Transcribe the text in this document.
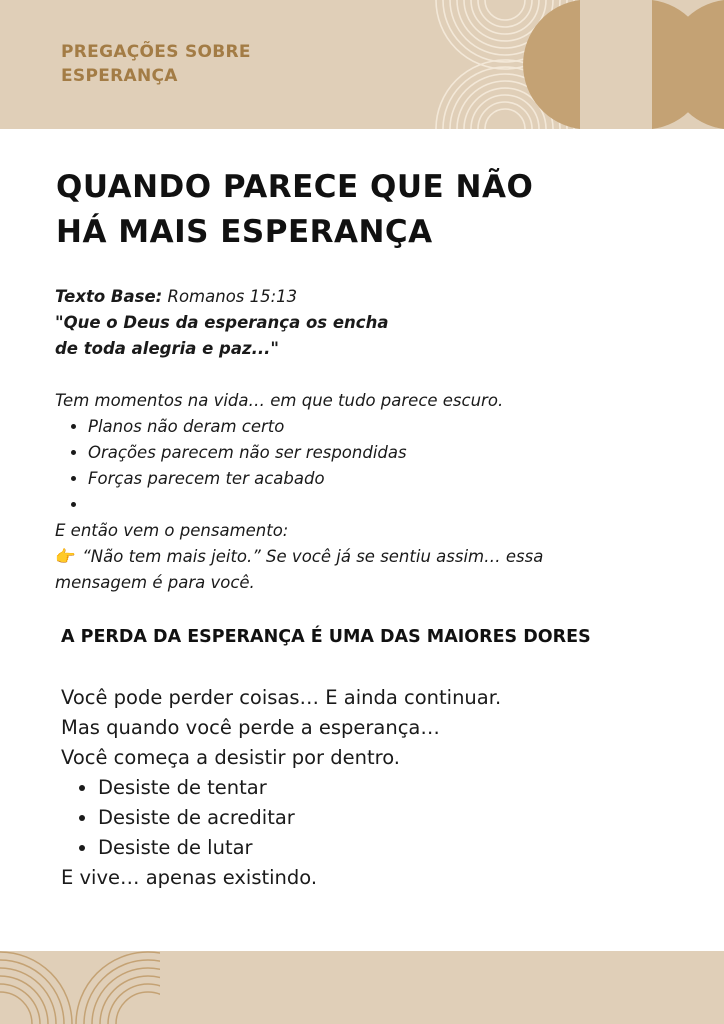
PREGAÇÕES SOBRE
ESPERANÇA
QUANDO PARECE QUE NÃO
HÁ MAIS ESPERANÇA

Texto Base: Romanos 15:13

"Que o Deus da esperança os encha

de toda alegria e paz..."

Tem momentos na vida… em que tudo parece escuro.

• Planos não deram certo
• Orações parecem não ser respondidas
• Forças parecem ter acabado
•

E então vem o pensamento:

👉 “Não tem mais jeito.” Se você já se sentiu assim… essa

mensagem é para você.

A PERDA DA ESPERANÇA É UMA DAS MAIORES DORES

Você pode perder coisas… E ainda continuar.

Mas quando você perde a esperança…

Você começa a desistir por dentro.

• Desiste de tentar
• Desiste de acreditar
• Desiste de lutar

E vive… apenas existindo.
